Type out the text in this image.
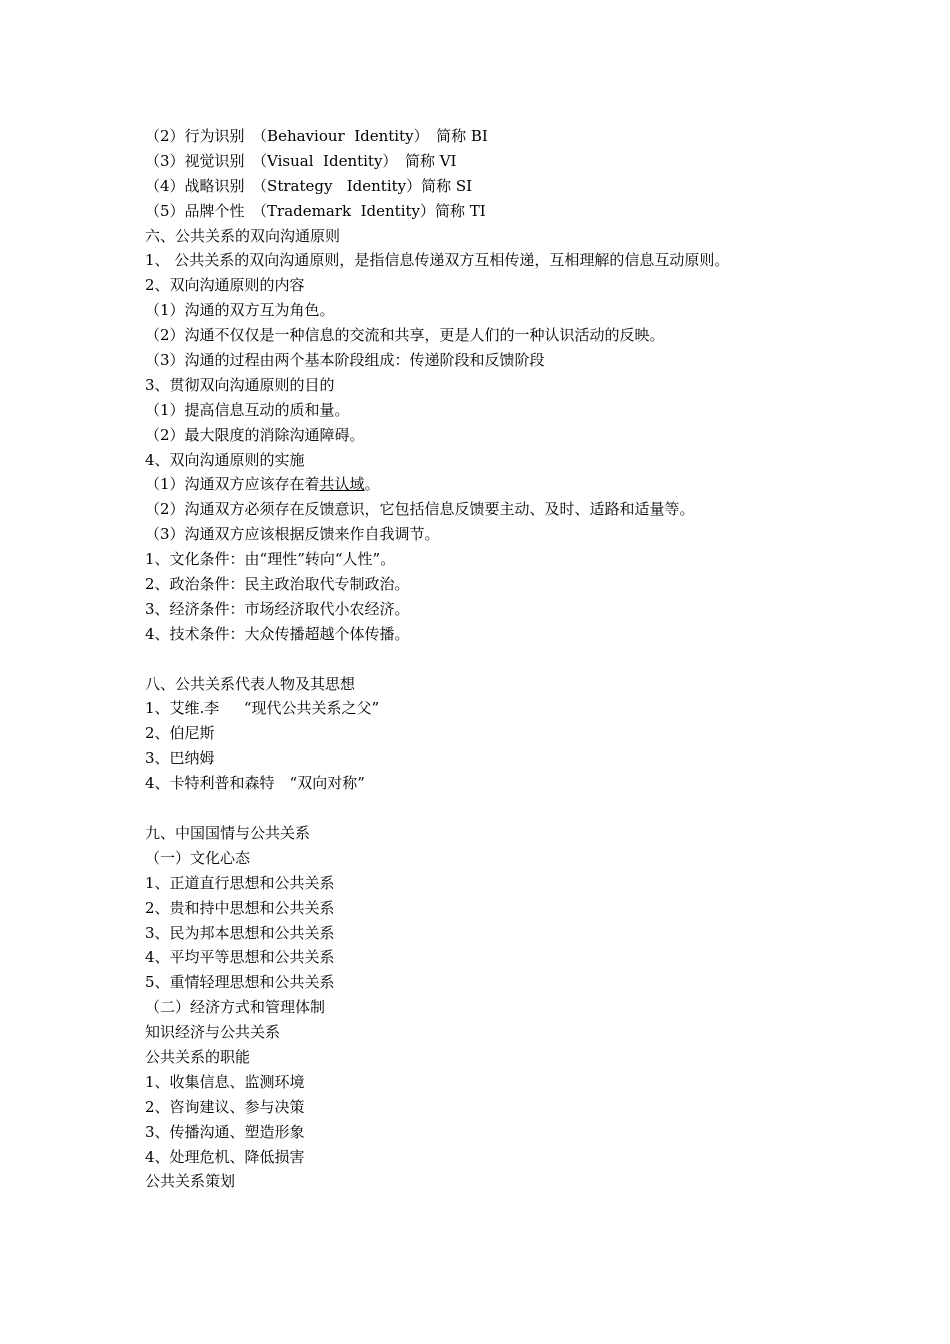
（2）行为识别　（Behaviour  Identity）　简称 BI
（3）视觉识别　（Visual  Identity）　简称 VI
（4）战略识别　（Strategy   Identity）简称 SI
（5）品牌个性　（Trademark  Identity）简称 TI
六、公共关系的双向沟通原则
1、 公共关系的双向沟通原则，是指信息传递双方互相传递，互相理解的信息互动原则。
2、双向沟通原则的内容
（1）沟通的双方互为角色。
（2）沟通不仅仅是一种信息的交流和共享，更是人们的一种认识活动的反映。
（3）沟通的过程由两个基本阶段组成：传递阶段和反馈阶段
3、贯彻双向沟通原则的目的
（1）提高信息互动的质和量。
（2）最大限度的消除沟通障碍。
4、双向沟通原则的实施
（1）沟通双方应该存在着共认域。
（2）沟通双方必须存在反馈意识，它包括信息反馈要主动、及时、适路和适量等。
（3）沟通双方应该根据反馈来作自我调节。
1、文化条件：由“理性”转向“人性”。
2、政治条件：民主政治取代专制政治。
3、经济条件：市场经济取代小农经济。
4、技术条件：大众传播超越个体传播。
八、公共关系代表人物及其思想
1、艾维.李　  “现代公共关系之父”
2、伯尼斯
3、巴纳姆
4、卡特利普和森特　“双向对称”
九、中国国情与公共关系
（一）文化心态
1、正道直行思想和公共关系
2、贵和持中思想和公共关系
3、民为邦本思想和公共关系
4、平均平等思想和公共关系
5、重情轻理思想和公共关系
（二）经济方式和管理体制
知识经济与公共关系
公共关系的职能
1、收集信息、监测环境
2、咨询建议、参与决策
3、传播沟通、塑造形象
4、处理危机、降低损害
公共关系策划
